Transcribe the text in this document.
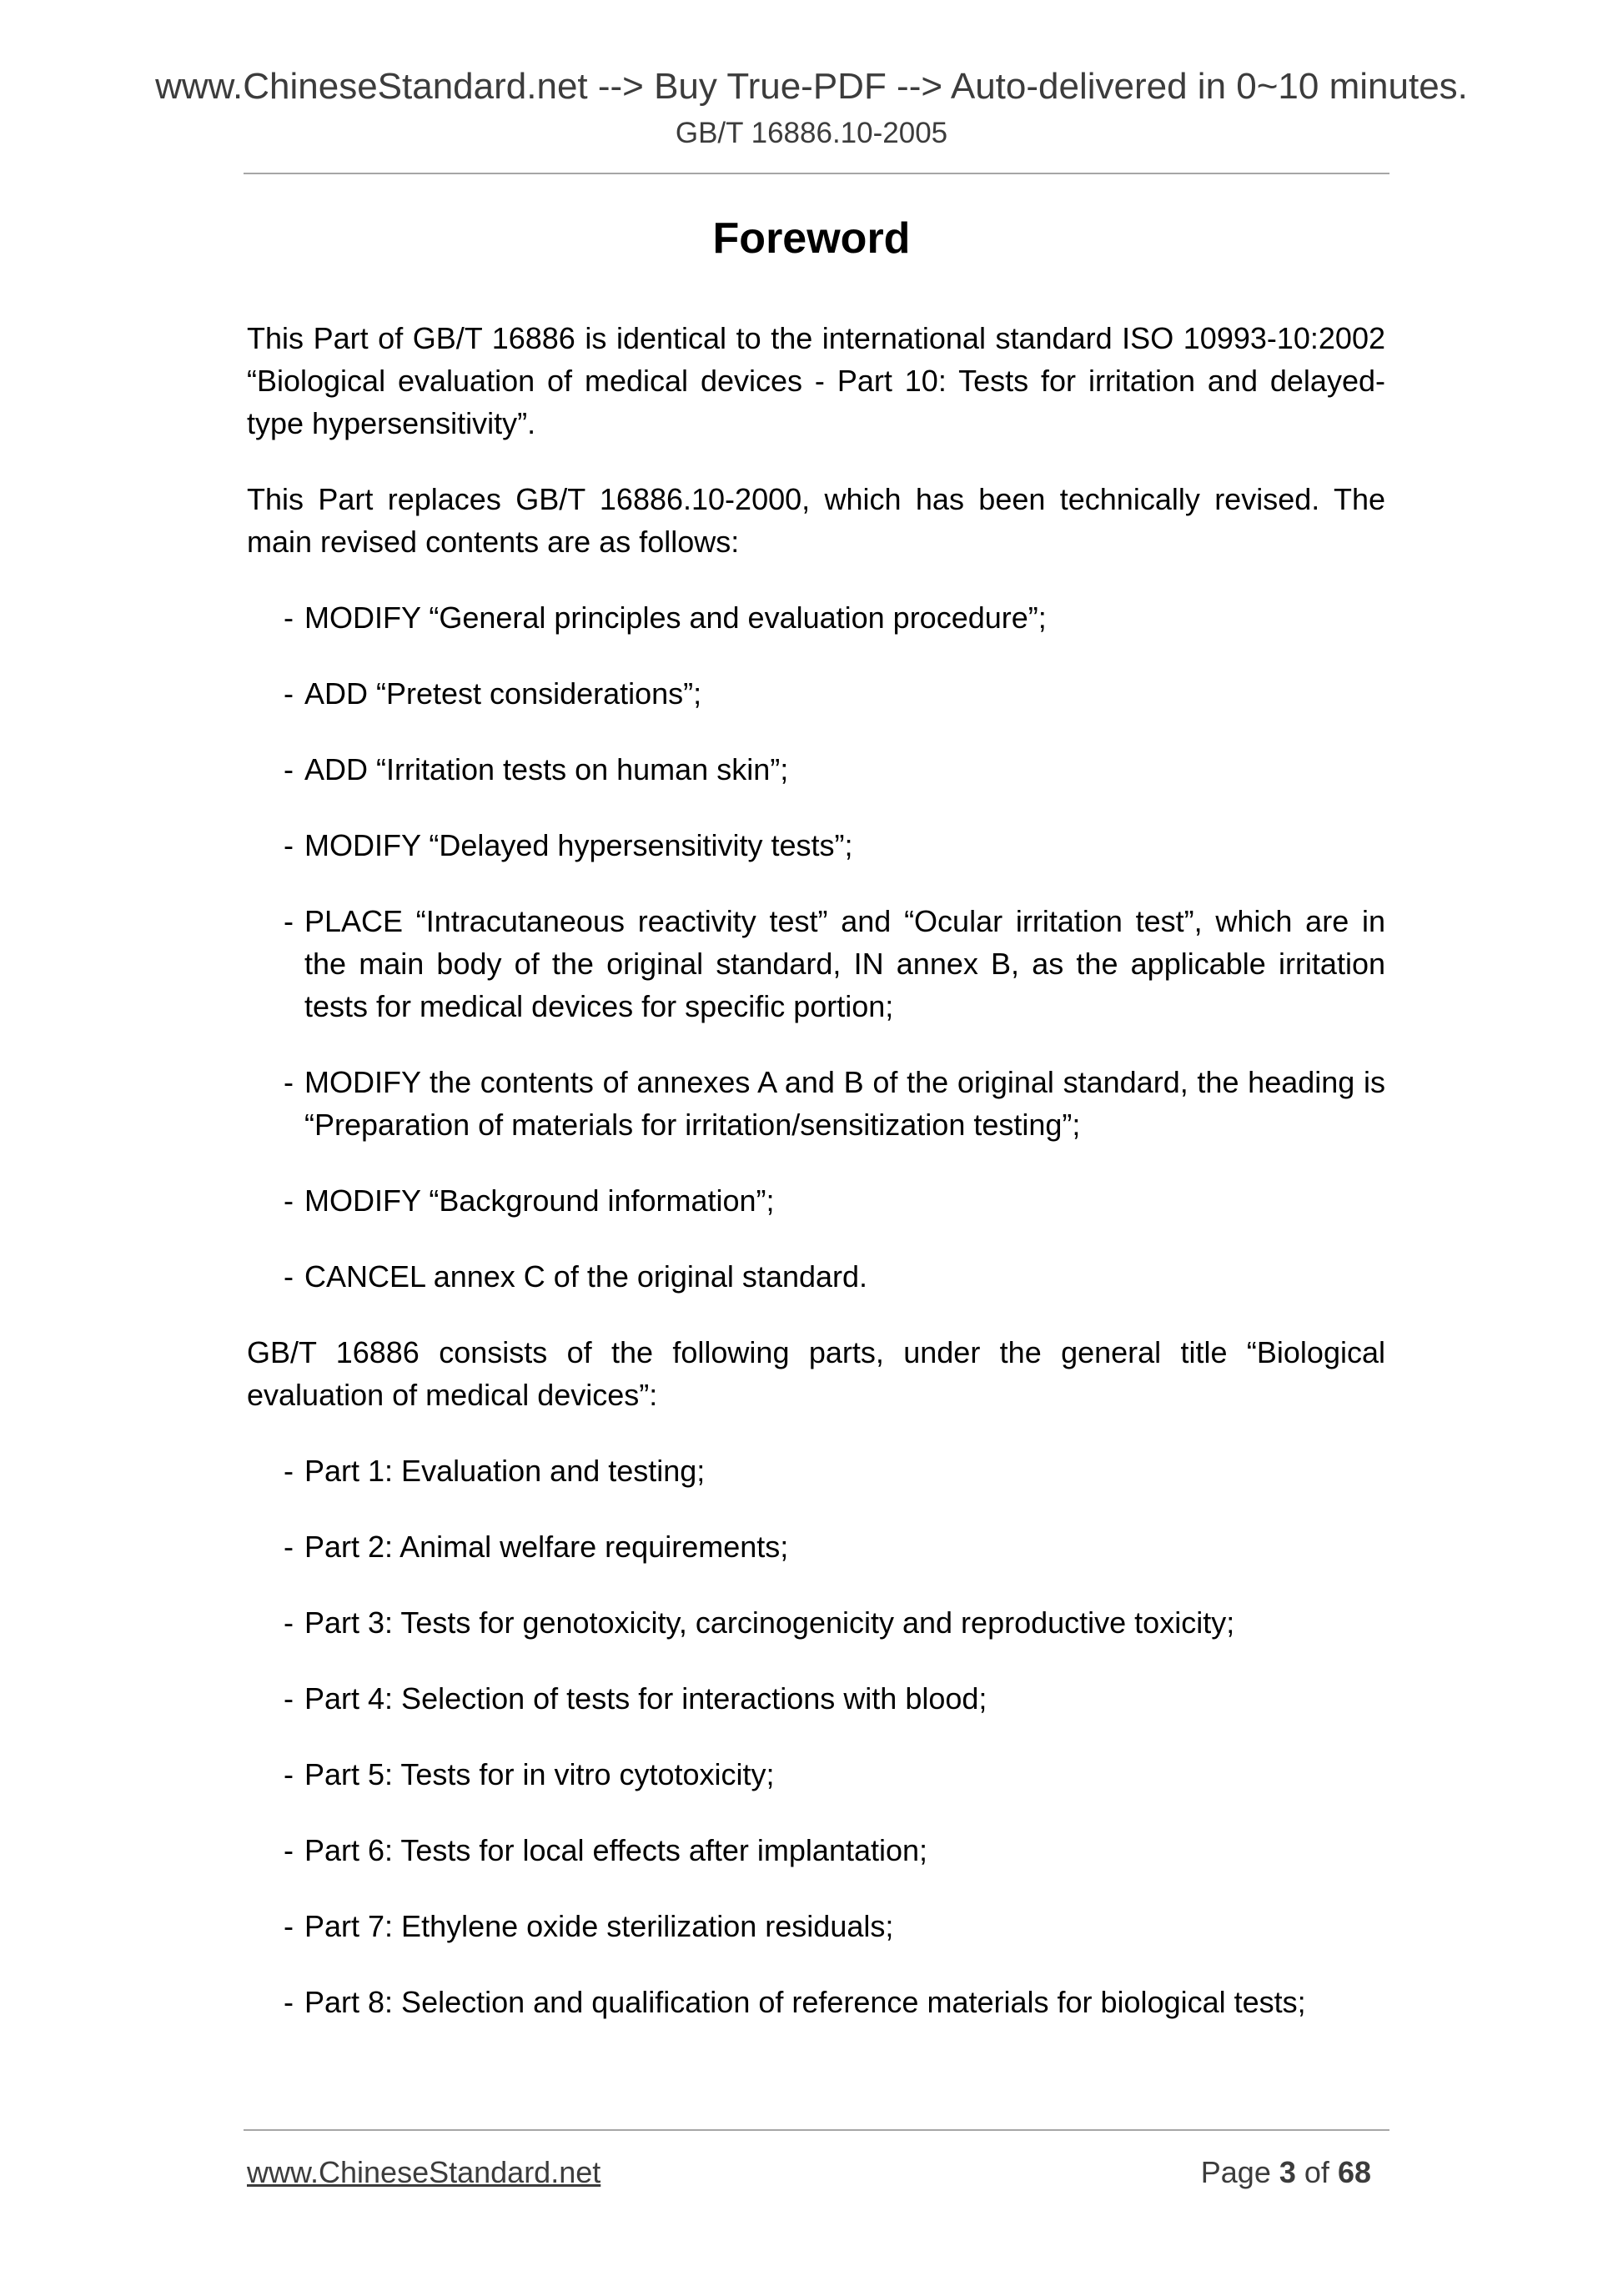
www.ChineseStandard.net --> Buy True-PDF --> Auto-delivered in 0~10 minutes.
GB/T 16886.10-2005
Foreword

This Part of GB/T 16886 is identical to the international standard ISO 10993-10:2002 “Biological evaluation of medical devices - Part 10: Tests for irritation and delayed-type hypersensitivity”.

This Part replaces GB/T 16886.10-2000, which has been technically revised. The main revised contents are as follows:

- MODIFY “General principles and evaluation procedure”;
- ADD “Pretest considerations”;
- ADD “Irritation tests on human skin”;
- MODIFY “Delayed hypersensitivity tests”;
- PLACE “Intracutaneous reactivity test” and “Ocular irritation test”, which are in the main body of the original standard, IN annex B, as the applicable irritation tests for medical devices for specific portion;
- MODIFY the contents of annexes A and B of the original standard, the heading is “Preparation of materials for irritation/sensitization testing”;
- MODIFY “Background information”;
- CANCEL annex C of the original standard.

GB/T 16886 consists of the following parts, under the general title “Biological evaluation of medical devices”:

- Part 1: Evaluation and testing;
- Part 2: Animal welfare requirements;
- Part 3: Tests for genotoxicity, carcinogenicity and reproductive toxicity;
- Part 4: Selection of tests for interactions with blood;
- Part 5: Tests for in vitro cytotoxicity;
- Part 6: Tests for local effects after implantation;
- Part 7: Ethylene oxide sterilization residuals;
- Part 8: Selection and qualification of reference materials for biological tests;
www.ChineseStandard.net	Page 3 of 68
